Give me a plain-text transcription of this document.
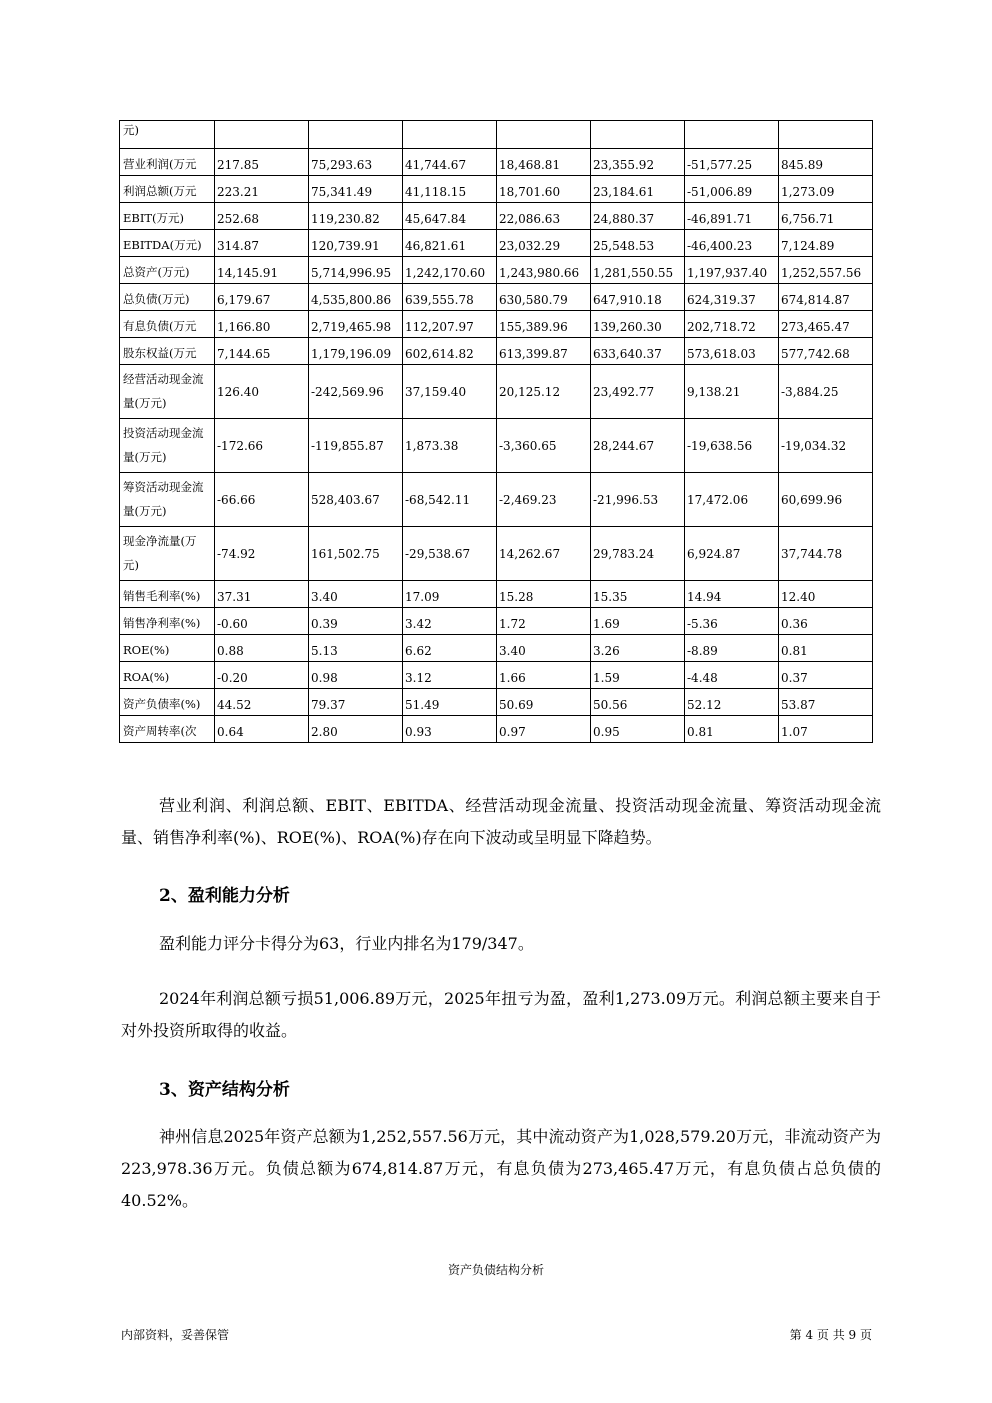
元)							
营业利润(万元	217.85	75,293.63	41,744.67	18,468.81	23,355.92	-51,577.25	845.89
利润总额(万元	223.21	75,341.49	41,118.15	18,701.60	23,184.61	-51,006.89	1,273.09
EBIT(万元)	252.68	119,230.82	45,647.84	22,086.63	24,880.37	-46,891.71	6,756.71
EBITDA(万元)	314.87	120,739.91	46,821.61	23,032.29	25,548.53	-46,400.23	7,124.89
总资产(万元)	14,145.91	5,714,996.95	1,242,170.60	1,243,980.66	1,281,550.55	1,197,937.40	1,252,557.56
总负债(万元)	6,179.67	4,535,800.86	639,555.78	630,580.79	647,910.18	624,319.37	674,814.87
有息负债(万元	1,166.80	2,719,465.98	112,207.97	155,389.96	139,260.30	202,718.72	273,465.47
股东权益(万元	7,144.65	1,179,196.09	602,614.82	613,399.87	633,640.37	573,618.03	577,742.68
经营活动现金流量(万元)	126.40	-242,569.96	37,159.40	20,125.12	23,492.77	9,138.21	-3,884.25
投资活动现金流量(万元)	-172.66	-119,855.87	1,873.38	-3,360.65	28,244.67	-19,638.56	-19,034.32
筹资活动现金流量(万元)	-66.66	528,403.67	-68,542.11	-2,469.23	-21,996.53	17,472.06	60,699.96
现金净流量(万元)	-74.92	161,502.75	-29,538.67	14,262.67	29,783.24	6,924.87	37,744.78
销售毛利率(%)	37.31	3.40	17.09	15.28	15.35	14.94	12.40
销售净利率(%)	-0.60	0.39	3.42	1.72	1.69	-5.36	0.36
ROE(%)	0.88	5.13	6.62	3.40	3.26	-8.89	0.81
ROA(%)	-0.20	0.98	3.12	1.66	1.59	-4.48	0.37
资产负债率(%)	44.52	79.37	51.49	50.69	50.56	52.12	53.87
资产周转率(次	0.64	2.80	0.93	0.97	0.95	0.81	1.07

营业利润、利润总额、EBIT、EBITDA、经营活动现金流量、投资活动现金流量、筹资活动现金流量、销售净利率(%)、ROE(%)、ROA(%)存在向下波动或呈明显下降趋势。

2、盈利能力分析

盈利能力评分卡得分为63，行业内排名为179/347。

2024年利润总额亏损51,006.89万元，2025年扭亏为盈，盈利1,273.09万元。利润总额主要来自于对外投资所取得的收益。

3、资产结构分析

神州信息2025年资产总额为1,252,557.56万元，其中流动资产为1,028,579.20万元，非流动资产为223,978.36万元。负债总额为674,814.87万元，有息负债为273,465.47万元，有息负债占总负债的40.52%。

资产负债结构分析

内部资料，妥善保管	第 4 页 共 9 页
